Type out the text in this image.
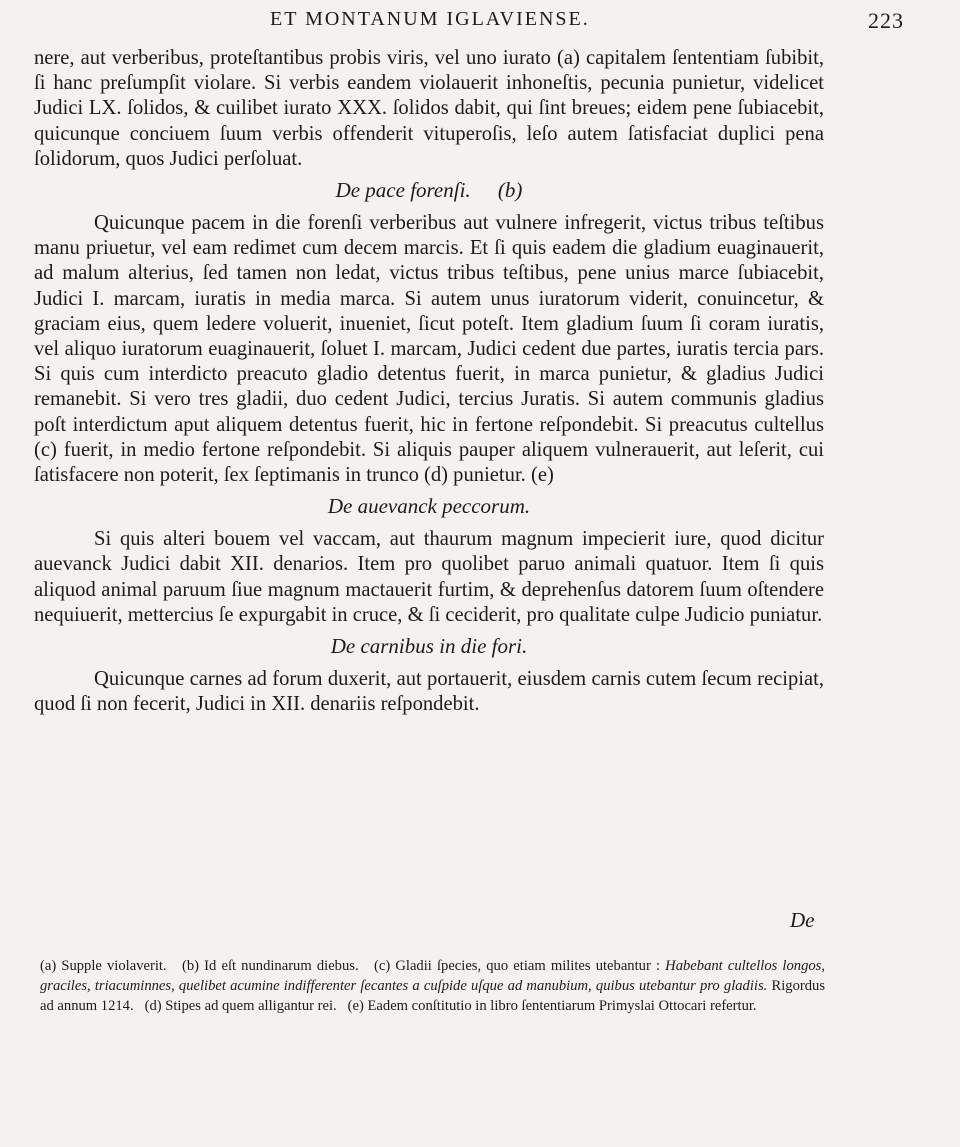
ET MONTANUM IGLAVIENSE.	223

nere, aut verberibus, proteſtantibus probis viris, vel uno iurato (a) capitalem ſententiam ſubibit, ſi hanc preſumpſit violare. Si verbis eandem violauerit inhoneſtis, pecunia punietur, videlicet Judici LX. ſolidos, & cuilibet iurato XXX. ſolidos dabit, qui ſint breues; eidem pene ſubiacebit, quicunque conciuem ſuum verbis offenderit vituperoſis, leſo autem ſatisfaciat duplici pena ſolidorum, quos Judici perſoluat.

De pace forenſi. (b)

Quicunque pacem in die forenſi verberibus aut vulnere infregerit, victus tribus teſtibus manu priuetur, vel eam redimet cum decem marcis. Et ſi quis eadem die gladium euaginauerit, ad malum alterius, ſed tamen non ledat, victus tribus teſtibus, pene unius marce ſubiacebit, Judici I. marcam, iuratis in media marca. Si autem unus iuratorum viderit, conuincetur, & graciam eius, quem ledere voluerit, inueniet, ſicut poteſt. Item gladium ſuum ſi coram iuratis, vel aliquo iuratorum euaginauerit, ſoluet I. marcam, Judici cedent due partes, iuratis tercia pars. Si quis cum interdicto preacuto gladio detentus fuerit, in marca punietur, & gladius Judici remanebit. Si vero tres gladii, duo cedent Judici, tercius Juratis. Si autem communis gladius poſt interdictum aput aliquem detentus fuerit, hic in fertone reſpondebit. Si preacutus cultellus (c) fuerit, in medio fertone reſpondebit. Si aliquis pauper aliquem vulnerauerit, aut leſerit, cui ſatisfacere non poterit, ſex ſeptimanis in trunco (d) punietur. (e)

De auevanck peccorum.

Si quis alteri bouem vel vaccam, aut thaurum magnum impecierit iure, quod dicitur auevanck Judici dabit XII. denarios. Item pro quolibet paruo animali quatuor. Item ſi quis aliquod animal paruum ſiue magnum mactauerit furtim, & deprehenſus datorem ſuum oſtendere nequiuerit, mettercius ſe expurgabit in cruce, & ſi ceciderit, pro qualitate culpe Judicio puniatur.

De carnibus in die fori.

Quicunque carnes ad forum duxerit, aut portauerit, eiusdem carnis cutem ſecum recipiat, quod ſi non fecerit, Judici in XII. denariis reſpondebit.

De

(a) Supple violaverit. (b) Id eſt nundinarum diebus. (c) Gladii ſpecies, quo etiam milites utebantur : Habebant cultellos longos, graciles, triacuminnes, quelibet acumine indifferenter ſecantes a cuſpide uſque ad manubium, quibus utebantur pro gladiis. Rigordus ad annum 1214. (d) Stipes ad quem alligantur rei. (e) Eadem conſtitutio in libro ſententiarum Primyslai Ottocari refertur.
